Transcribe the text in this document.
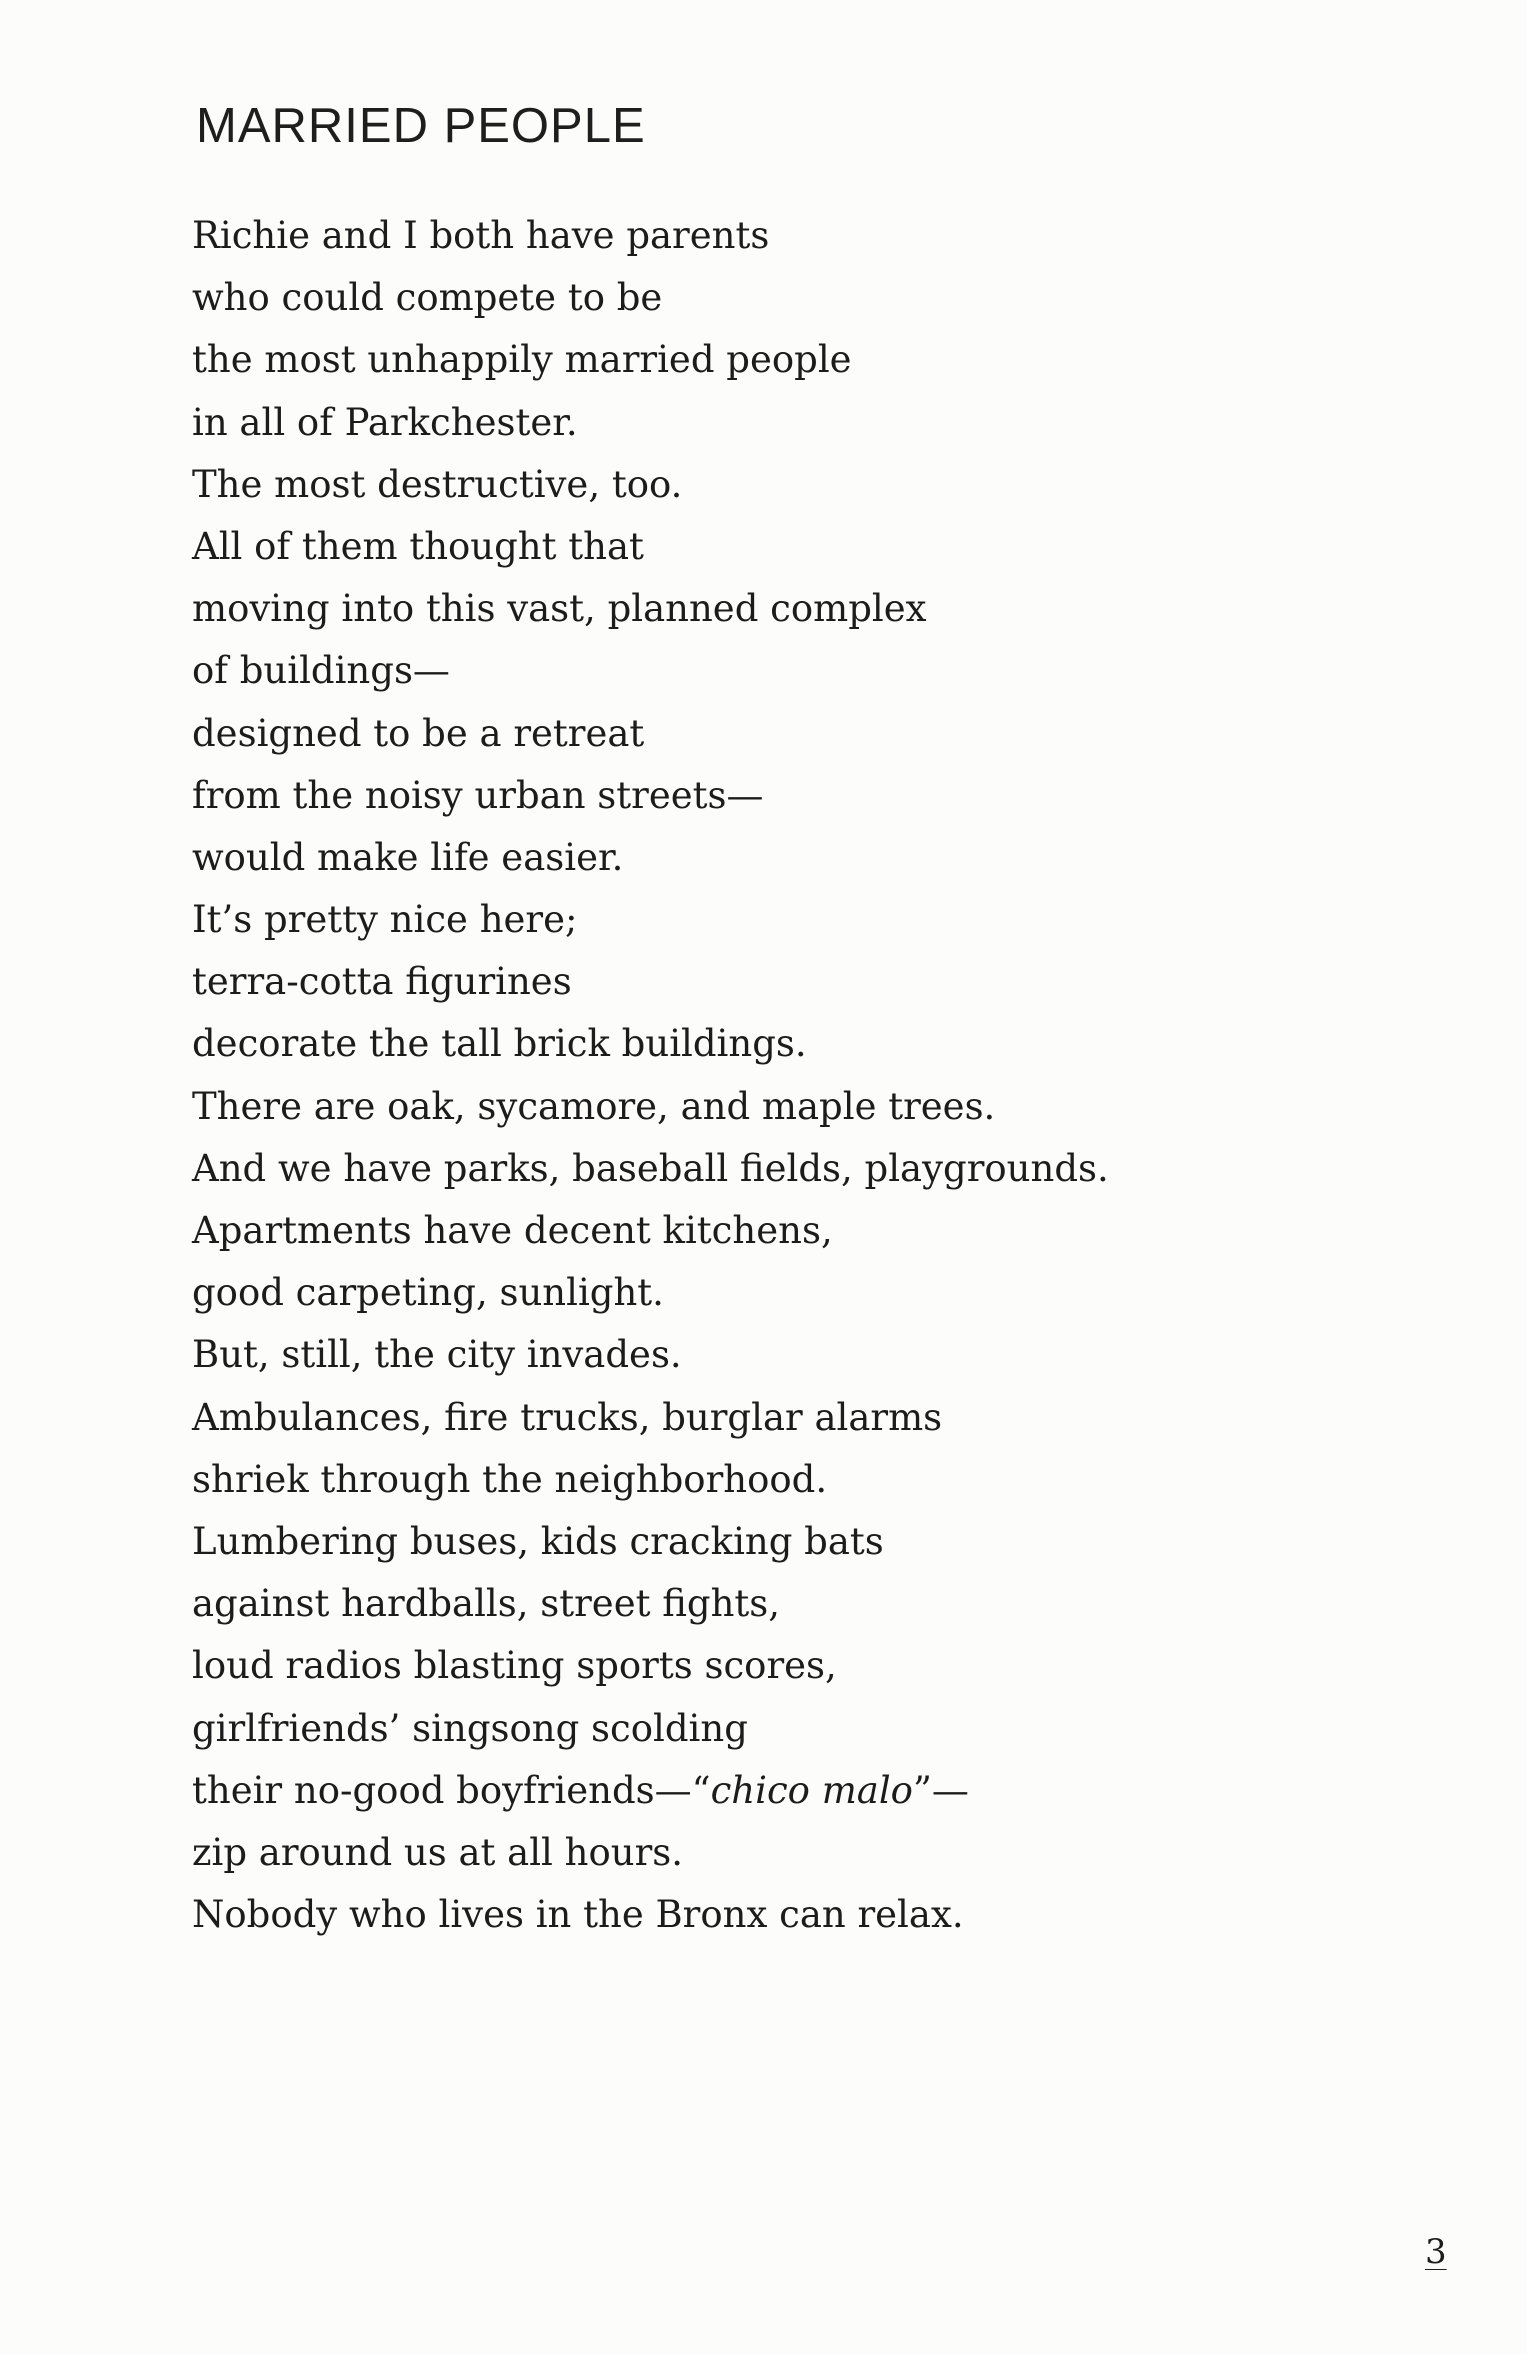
MARRIED PEOPLE
Richie and I both have parents
who could compete to be
the most unhappily married people
in all of Parkchester.
The most destructive, too.
All of them thought that
moving into this vast, planned complex
of buildings—
designed to be a retreat
from the noisy urban streets—
would make life easier.
It’s pretty nice here;
terra-cotta figurines
decorate the tall brick buildings.
There are oak, sycamore, and maple trees.
And we have parks, baseball fields, playgrounds.
Apartments have decent kitchens,
good carpeting, sunlight.
But, still, the city invades.
Ambulances, fire trucks, burglar alarms
shriek through the neighborhood.
Lumbering buses, kids cracking bats
against hardballs, street fights,
loud radios blasting sports scores,
girlfriends’ singsong scolding
their no-good boyfriends—“chico malo”—
zip around us at all hours.
Nobody who lives in the Bronx can relax.
3
